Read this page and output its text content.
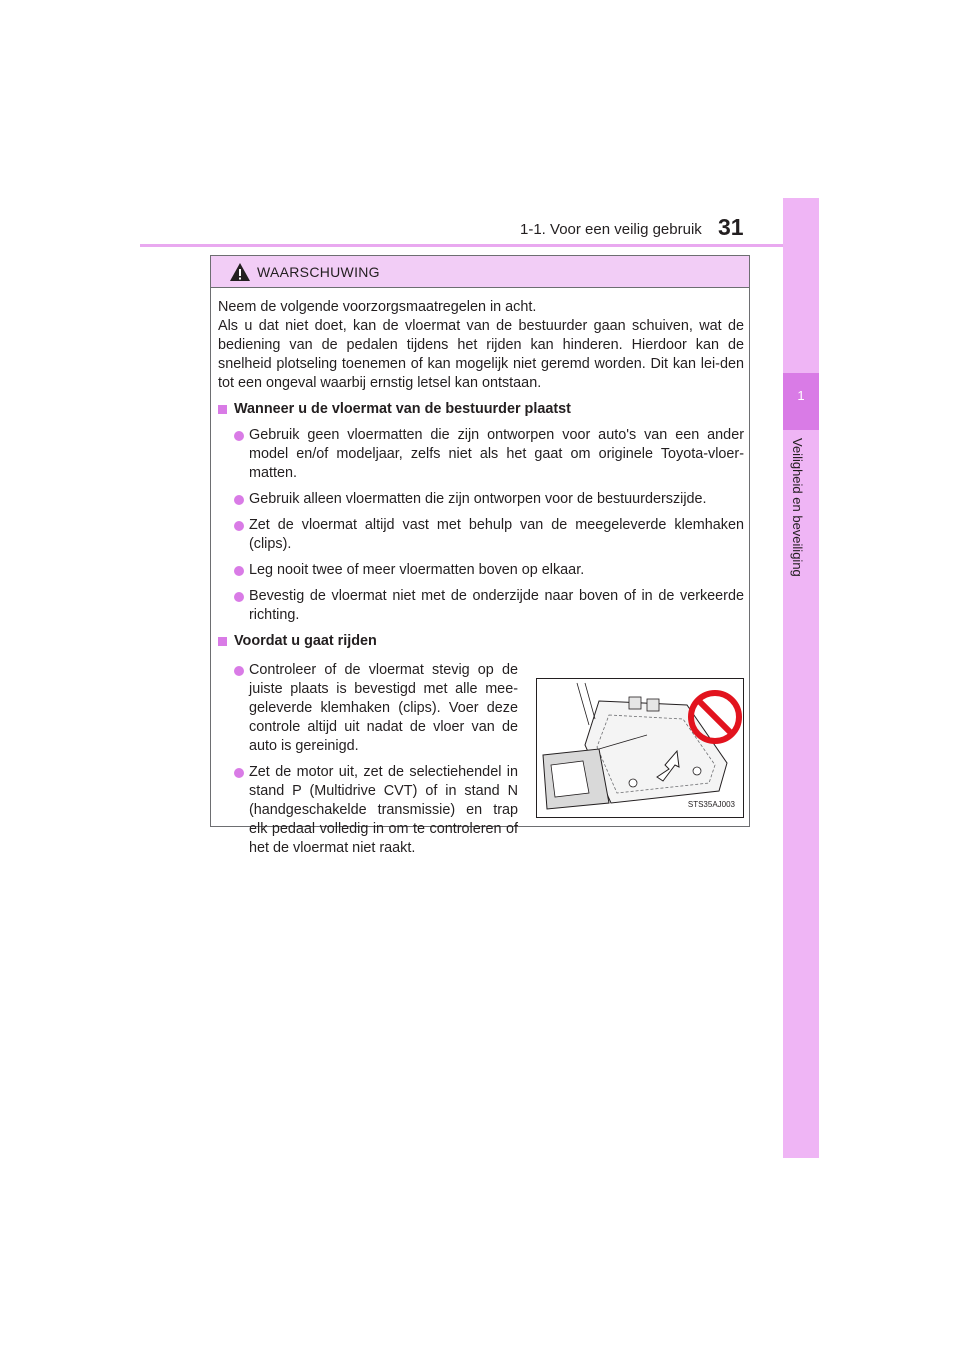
1-1. Voor een veilig gebruik 31
1
Veiligheid en beveiliging
WAARSCHUWING

Neem de volgende voorzorgsmaatregelen in acht.

Als u dat niet doet, kan de vloermat van de bestuurder gaan schuiven, wat de bediening van de pedalen tijdens het rijden kan hinderen. Hierdoor kan de snelheid plotseling toenemen of kan mogelijk niet geremd worden. Dit kan lei-den tot een ongeval waarbij ernstig letsel kan ontstaan.

Wanneer u de vloermat van de bestuurder plaatst
Gebruik geen vloermatten die zijn ontworpen voor auto's van een ander model en/of modeljaar, zelfs niet als het gaat om originele Toyota-vloer-matten.
Gebruik alleen vloermatten die zijn ontworpen voor de bestuurderszijde.
Zet de vloermat altijd vast met behulp van de meegeleverde klemhaken (clips).
Leg nooit twee of meer vloermatten boven op elkaar.
Bevestig de vloermat niet met de onderzijde naar boven of in de verkeerde richting.
Voordat u gaat rijden
Controleer of de vloermat stevig op de juiste plaats is bevestigd met alle mee-geleverde klemhaken (clips). Voer deze controle altijd uit nadat de vloer van de auto is gereinigd.
Zet de motor uit, zet de selectiehendel in stand P (Multidrive CVT) of in stand N (handgeschakelde transmissie) en trap elk pedaal volledig in om te controleren of het de vloermat niet raakt.
STS35AJ003
